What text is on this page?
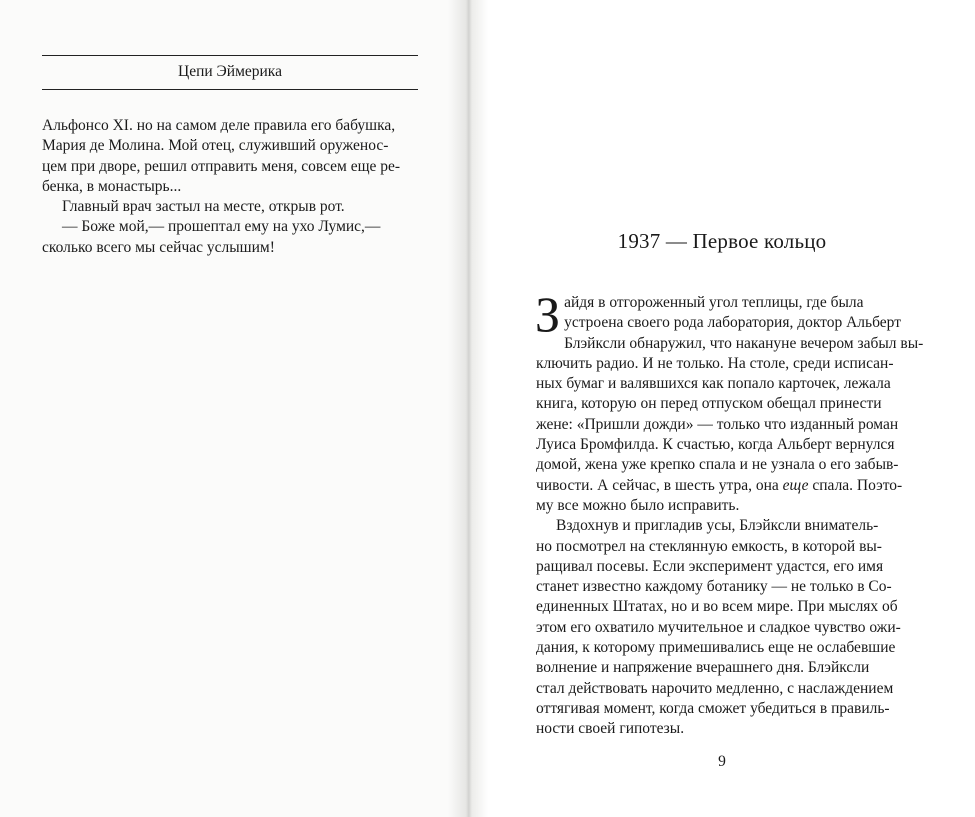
Цепи Эймерика

Альфонсо XI. но на самом деле правила его бабушка,

Мария де Молина. Мой отец, служивший оруженос-

цем при дворе, решил отправить меня, совсем еще ре-

бенка, в монастырь...

Главный врач застыл на месте, открыв рот.

— Боже мой,— прошептал ему на ухо Лумис,—

сколько всего мы сейчас услышим!	1937 — Первое кольцо
З айдя в отгороженный угол теплицы, где была

устроена своего рода лаборатория, доктор Альберт

Блэйксли обнаружил, что накануне вечером забыл вы-

ключить радио. И не только. На столе, среди исписан-

ных бумаг и валявшихся как попало карточек, лежала

книга, которую он перед отпуском обещал принести

жене: «Пришли дожди» — только что изданный роман

Луиса Бромфилда. К счастью, когда Альберт вернулся

домой, жена уже крепко спала и не узнала о его забыв-

чивости. А сейчас, в шесть утра, она еще спала. Поэто-

му все можно было исправить.

Вздохнув и пригладив усы, Блэйксли вниматель-

но посмотрел на стеклянную емкость, в которой вы-

ращивал посевы. Если эксперимент удастся, его имя

станет известно каждому ботанику — не только в Со-

единенных Штатах, но и во всем мире. При мыслях об

этом его охватило мучительное и сладкое чувство ожи-

дания, к которому примешивались еще не ослабевшие

волнение и напряжение вчерашнего дня. Блэйксли

стал действовать нарочито медленно, с наслаждением

оттягивая момент, когда сможет убедиться в правиль-

ности своей гипотезы.

9
